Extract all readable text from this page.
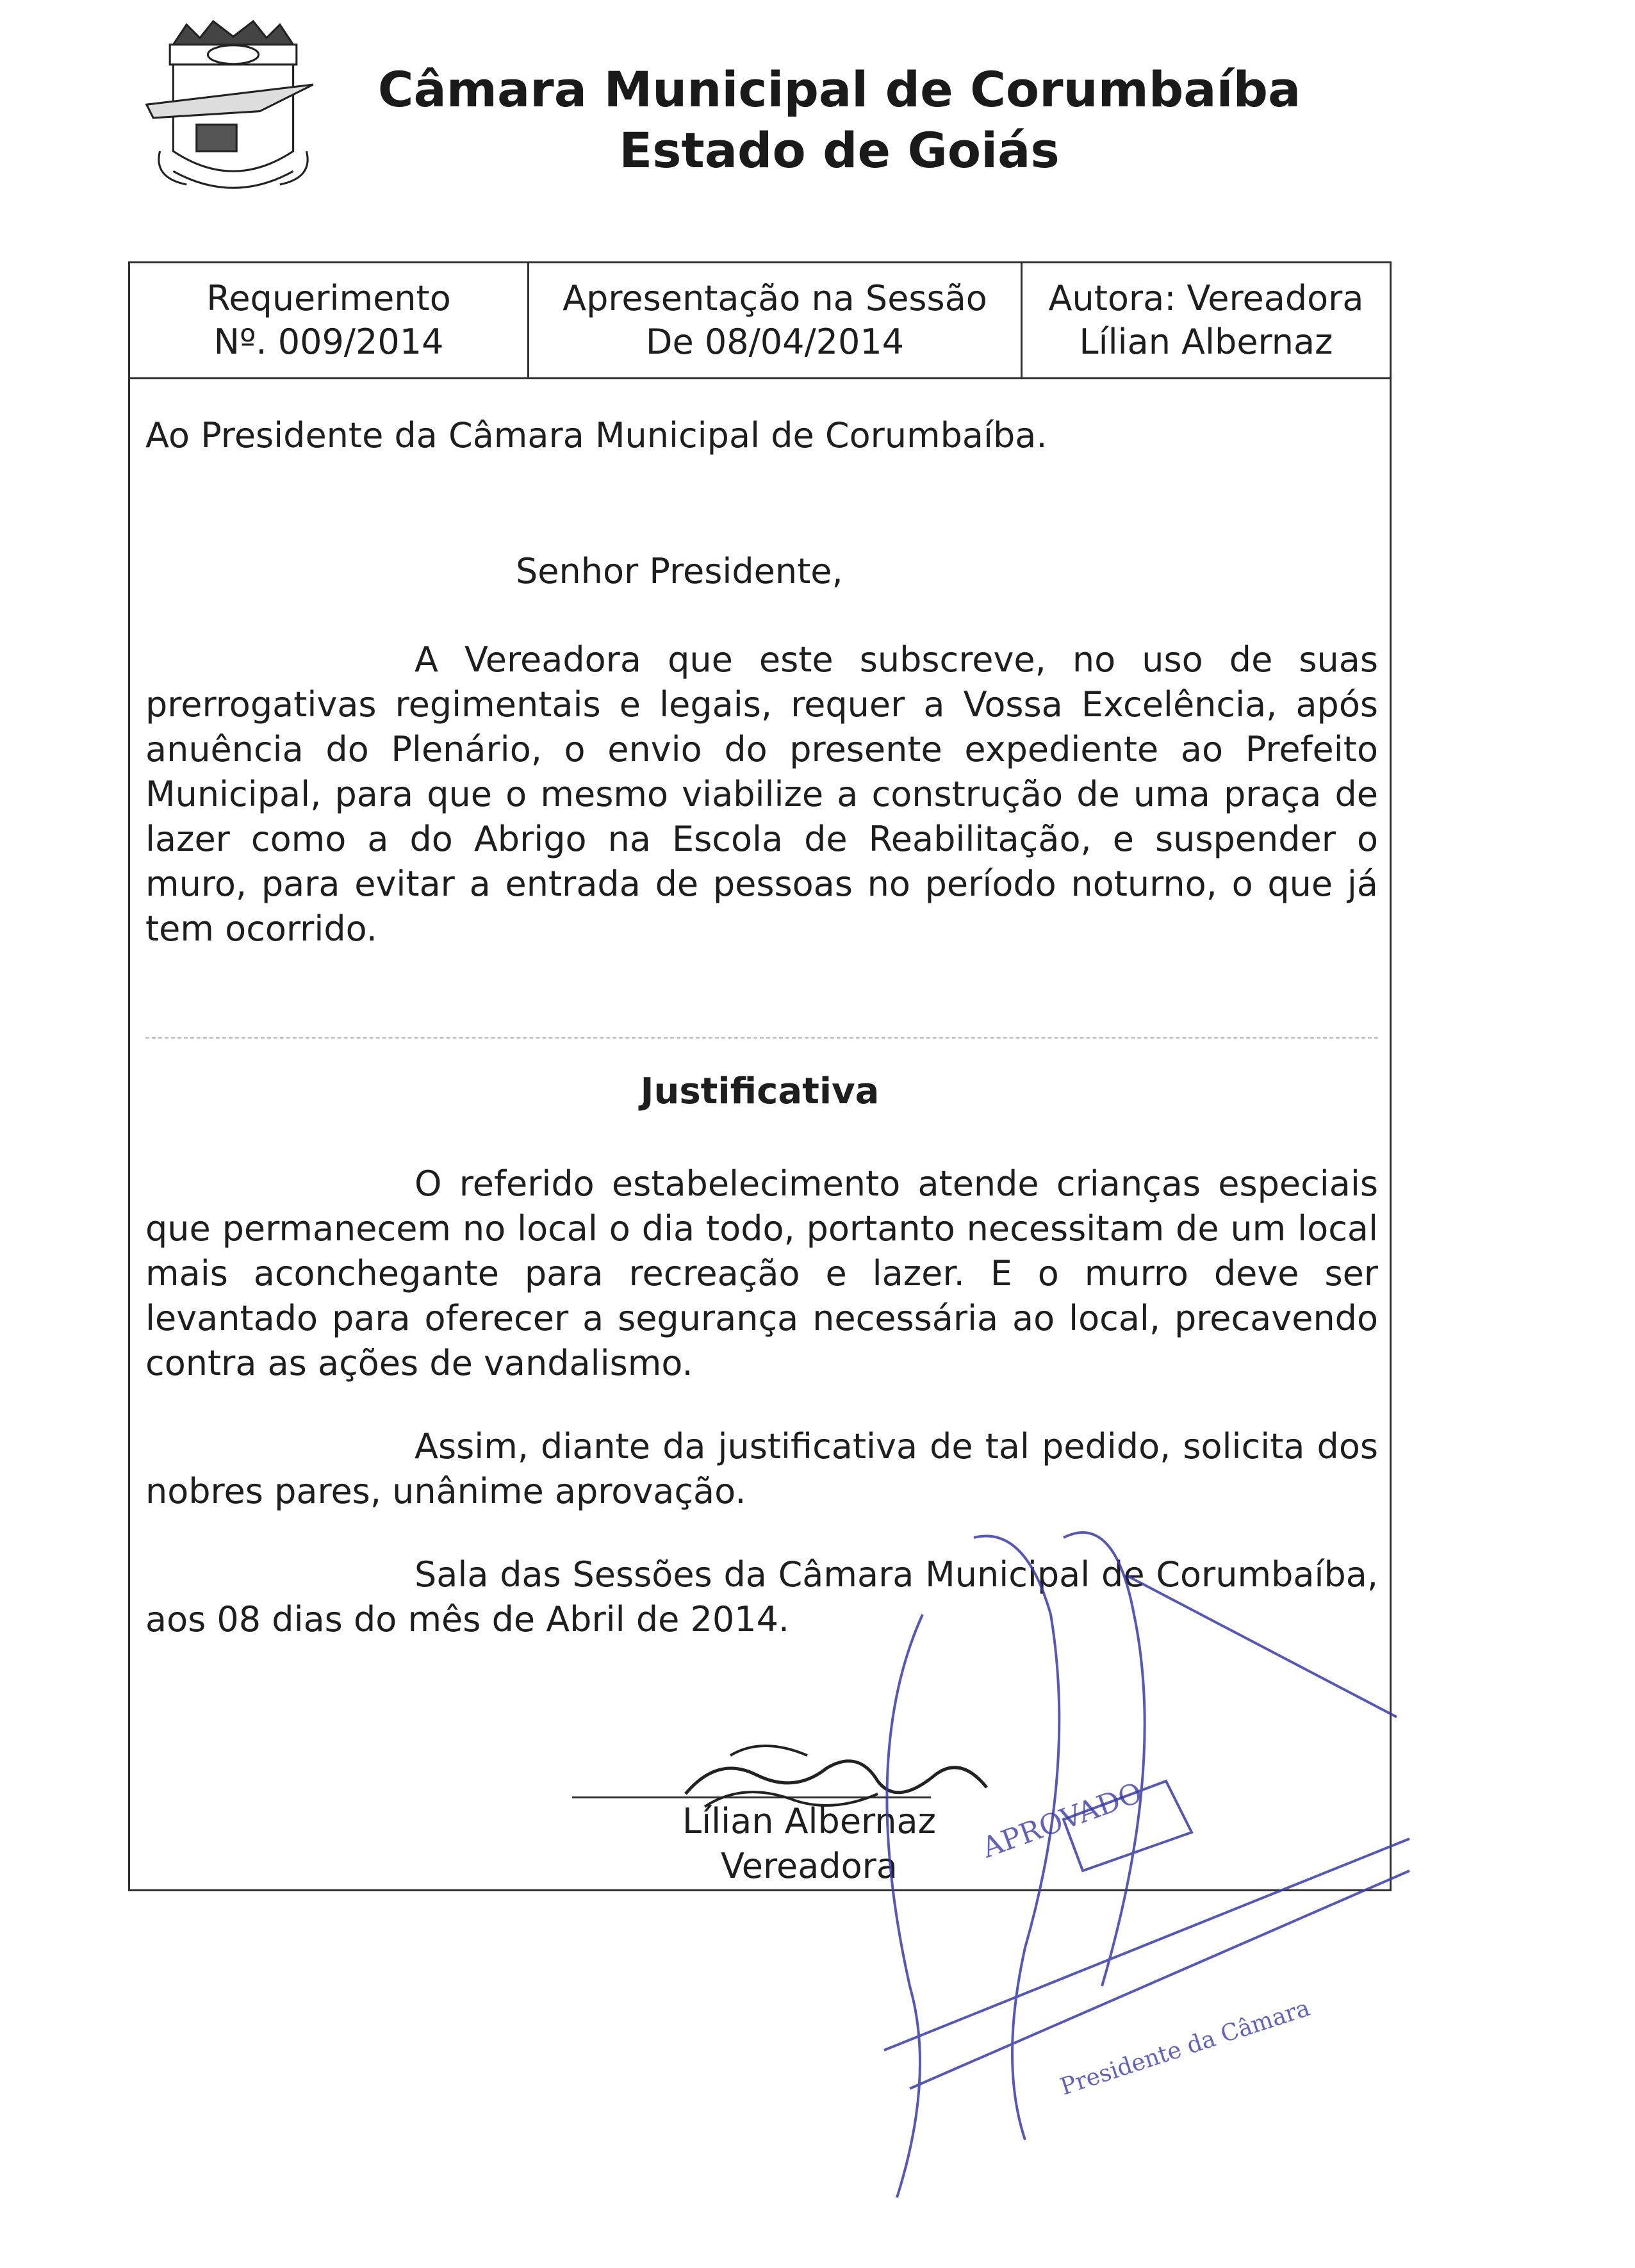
Câmara Municipal de Corumbaíba
Estado de Goiás
Requerimento
Nº. 009/2014
Apresentação na Sessão
De 08/04/2014
Autora: Vereadora
Lílian Albernaz
Ao Presidente da Câmara Municipal de Corumbaíba.
Senhor Presidente,
A Vereadora que este subscreve, no uso de suas prerrogativas regimentais e legais, requer a Vossa Excelência, após anuência do Plenário, o envio do presente expediente ao Prefeito Municipal, para que o mesmo viabilize a construção de uma praça de lazer como a do Abrigo na Escola de Reabilitação, e suspender o muro, para evitar a entrada de pessoas no período noturno, o que já tem ocorrido.
Justificativa
O referido estabelecimento atende crianças especiais que permanecem no local o dia todo, portanto necessitam de um local mais aconchegante para recreação e lazer. E o murro deve ser levantado para oferecer a segurança necessária ao local, precavendo contra as ações de vandalismo.
Assim, diante da justificativa de tal pedido, solicita dos nobres pares, unânime aprovação.
Sala das Sessões da Câmara Municipal de Corumbaíba, aos 08 dias do mês de Abril de 2014.
Lílian Albernaz
Vereadora
APROVADO
Presidente da Câmara
